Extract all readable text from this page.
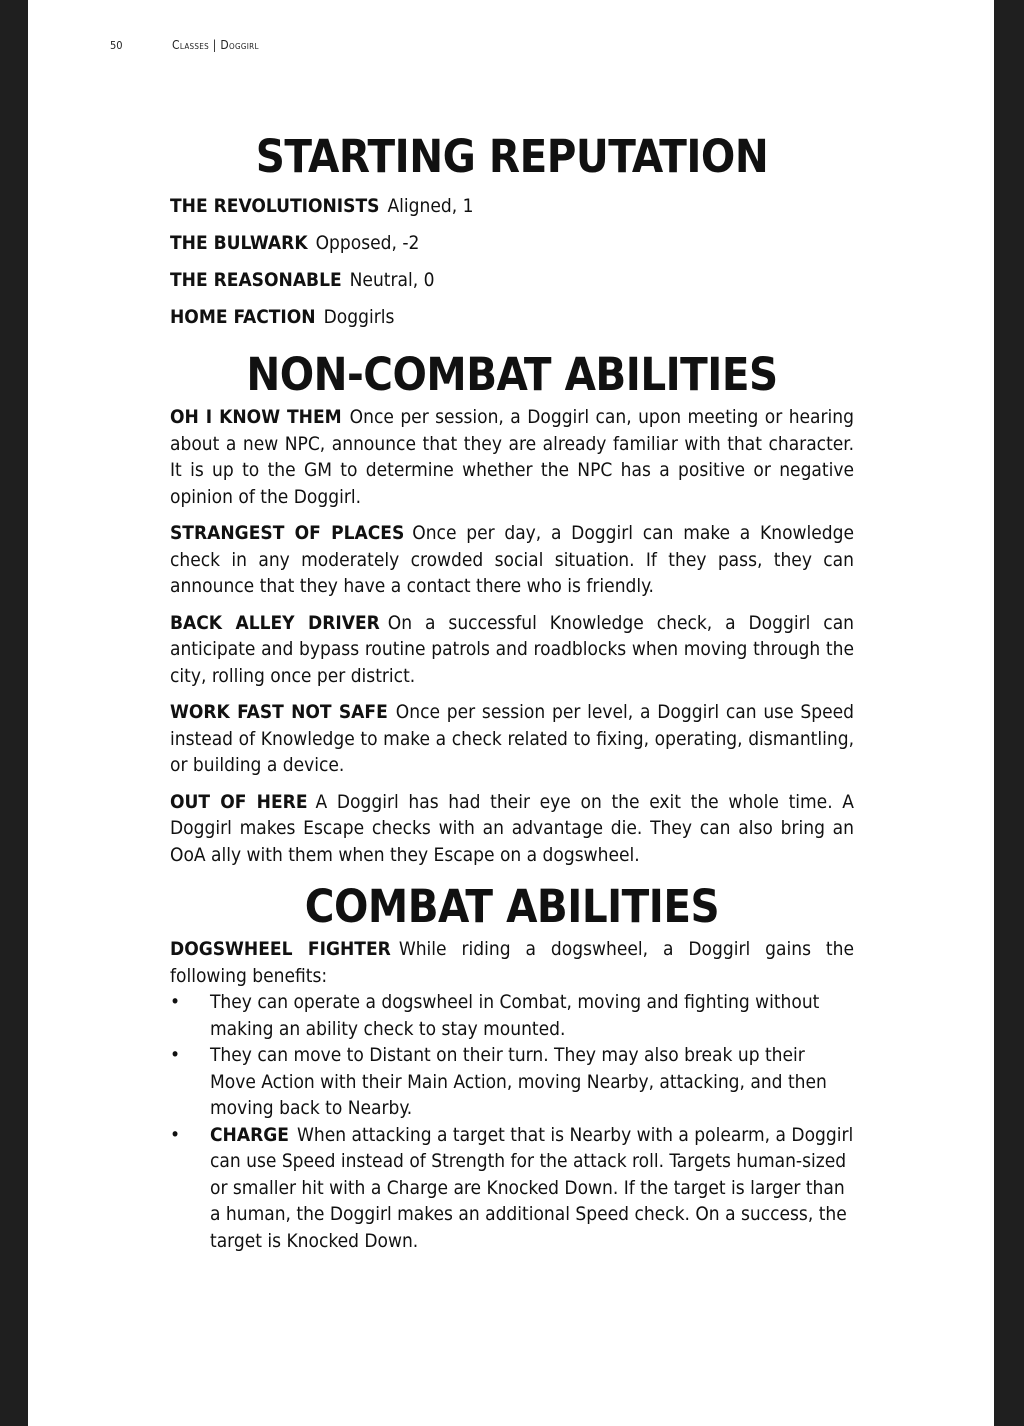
50	Classes | Doggirl
STARTING REPUTATION

THE REVOLUTIONISTS Aligned, 1

THE BULWARK Opposed, -2

THE REASONABLE Neutral, 0

HOME FACTION Doggirls

NON-COMBAT ABILITIES

OH I KNOW THEM Once per session, a Doggirl can, upon meeting or hearing about a new NPC, announce that they are already familiar with that character. It is up to the GM to determine whether the NPC has a positive or negative opinion of the Doggirl.

STRANGEST OF PLACES Once per day, a Doggirl can make a Knowledge check in any moderately crowded social situation. If they pass, they can announce that they have a contact there who is friendly.

BACK ALLEY DRIVER On a successful Knowledge check, a Doggirl can anticipate and bypass routine patrols and roadblocks when moving through the city, rolling once per district.

WORK FAST NOT SAFE Once per session per level, a Doggirl can use Speed instead of Knowledge to make a check related to fixing, operating, dismantling, or building a device.

OUT OF HERE A Doggirl has had their eye on the exit the whole time. A Doggirl makes Escape checks with an advantage die. They can also bring an OoA ally with them when they Escape on a dogswheel.

COMBAT ABILITIES

DOGSWHEEL FIGHTER While riding a dogswheel, a Doggirl gains the following benefits:

• They can operate a dogswheel in Combat, moving and fighting without making an ability check to stay mounted.
• They can move to Distant on their turn. They may also break up their Move Action with their Main Action, moving Nearby, attacking, and then moving back to Nearby.
• CHARGE When attacking a target that is Nearby with a polearm, a Doggirl can use Speed instead of Strength for the attack roll. Targets human-sized or smaller hit with a Charge are Knocked Down. If the target is larger than a human, the Doggirl makes an additional Speed check. On a success, the target is Knocked Down.
